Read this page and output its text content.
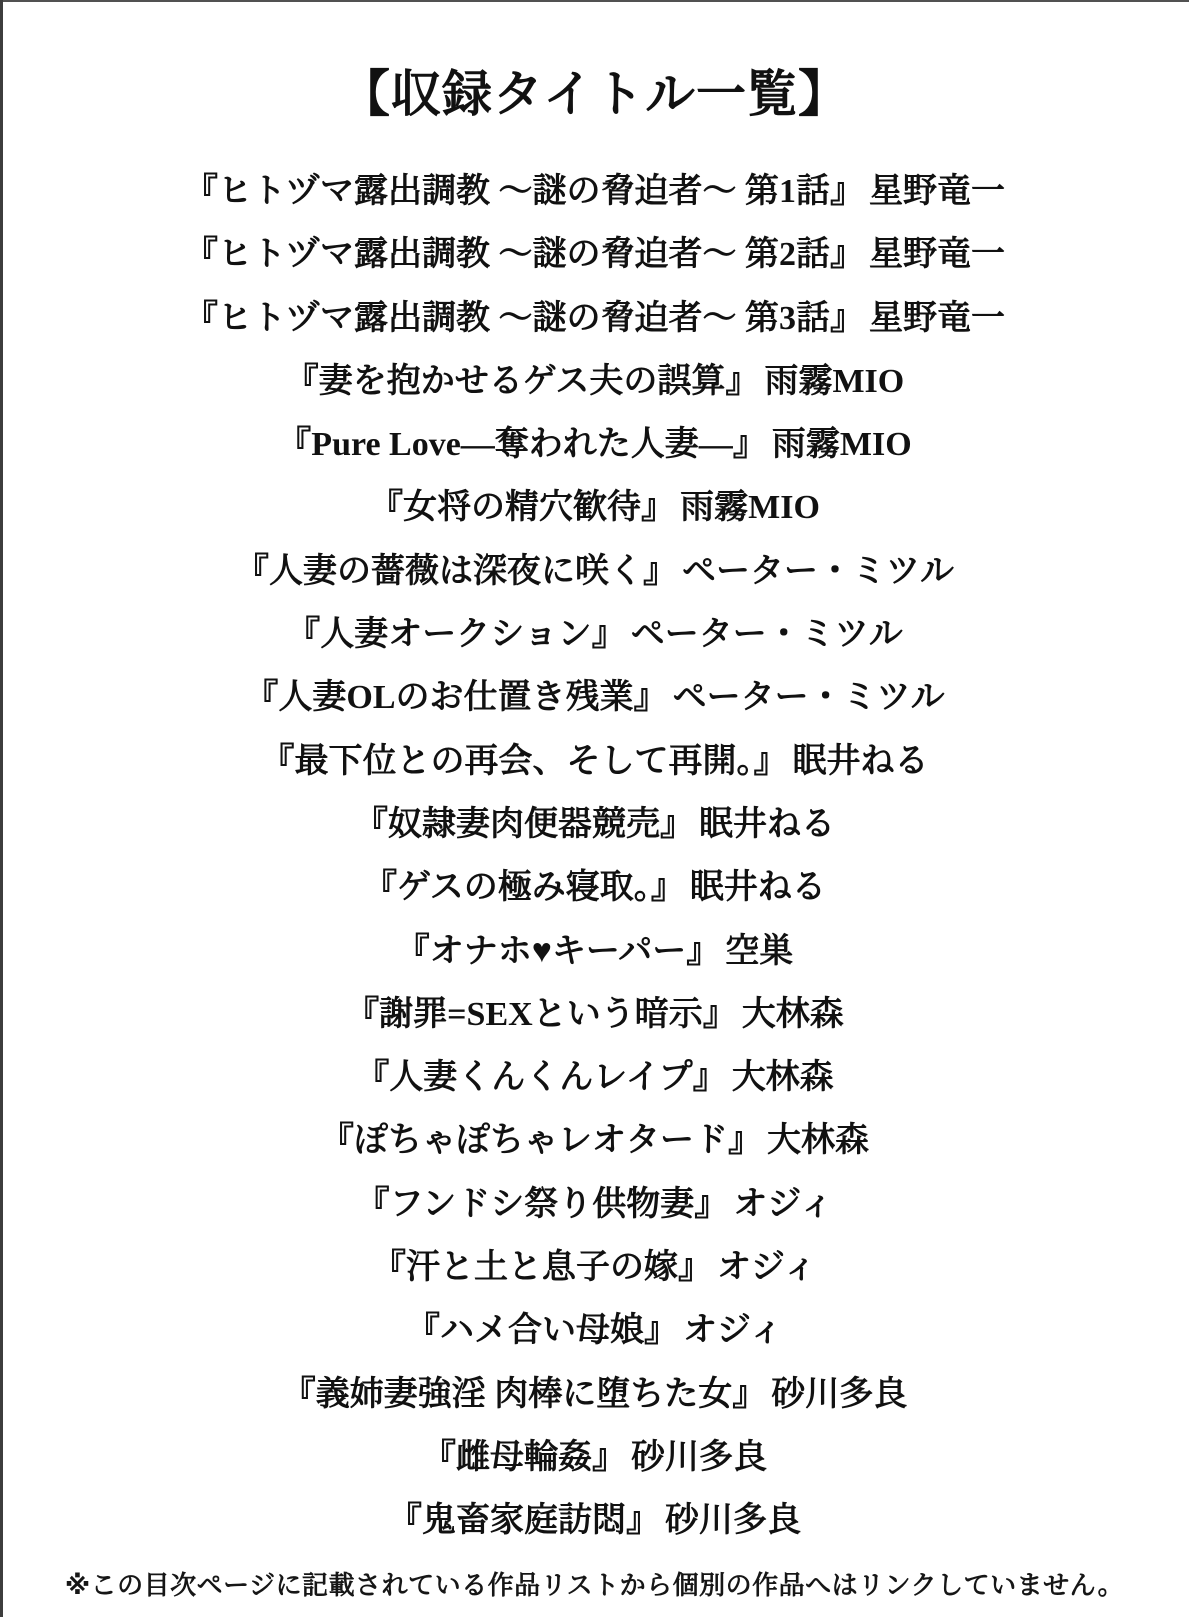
【収録タイトル一覧】
『ヒトヅマ露出調教 〜謎の脅迫者〜 第1話』 星野竜一
『ヒトヅマ露出調教 〜謎の脅迫者〜 第2話』 星野竜一
『ヒトヅマ露出調教 〜謎の脅迫者〜 第3話』 星野竜一
『妻を抱かせるゲス夫の誤算』 雨霧MIO
『Pure Love―奪われた人妻―』 雨霧MIO
『女将の精穴歓待』 雨霧MIO
『人妻の薔薇は深夜に咲く』 ペーター・ミツル
『人妻オークション』 ペーター・ミツル
『人妻OLのお仕置き残業』 ペーター・ミツル
『最下位との再会、そして再開。』 眠井ねる
『奴隷妻肉便器競売』 眠井ねる
『ゲスの極み寝取。』 眠井ねる
『オナホ♥キーパー』 空巣
『謝罪=SEXという暗示』 大林森
『人妻くんくんレイプ』 大林森
『ぽちゃぽちゃレオタード』 大林森
『フンドシ祭り供物妻』 オジィ
『汗と土と息子の嫁』 オジィ
『ハメ合い母娘』 オジィ
『義姉妻強淫 肉棒に堕ちた女』 砂川多良
『雌母輪姦』 砂川多良
『鬼畜家庭訪悶』 砂川多良
※この目次ページに記載されている作品リストから個別の作品へはリンクしていません。
